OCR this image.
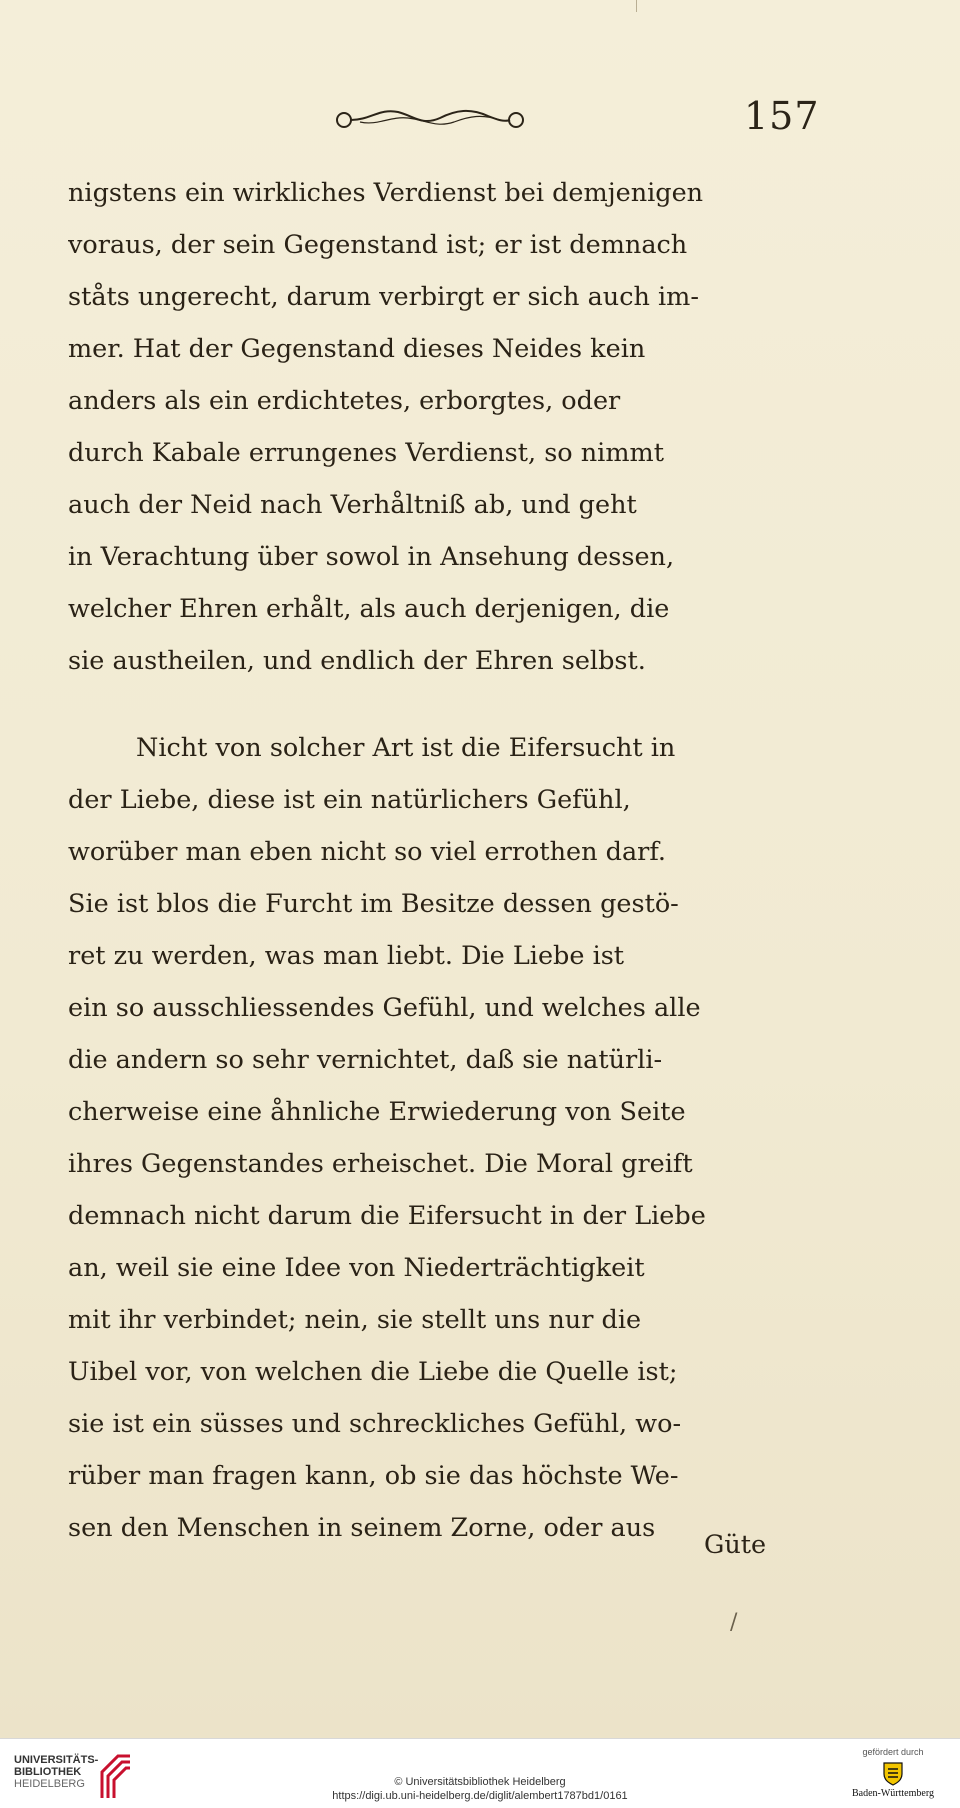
157
nigstens ein wirkliches Verdienst bei demjenigen
voraus, der sein Gegenstand ist; er ist demnach
ståts ungerecht, darum verbirgt er sich auch im-
mer. Hat der Gegenstand dieses Neides kein
anders als ein erdichtetes, erborgtes, oder
durch Kabale errungenes Verdienst, so nimmt
auch der Neid nach Verhåltniß ab, und geht
in Verachtung über sowol in Ansehung dessen,
welcher Ehren erhålt, als auch derjenigen, die
sie austheilen, und endlich der Ehren selbst.
Nicht von solcher Art ist die Eifersucht in
der Liebe, diese ist ein natürlichers Gefühl,
worüber man eben nicht so viel errothen darf.
Sie ist blos die Furcht im Besitze dessen gestö-
ret zu werden, was man liebt. Die Liebe ist
ein so ausschliessendes Gefühl, und welches alle
die andern so sehr vernichtet, daß sie natürli-
cherweise eine åhnliche Erwiederung von Seite
ihres Gegenstandes erheischet. Die Moral greift
demnach nicht darum die Eifersucht in der Liebe
an, weil sie eine Idee von Niederträchtigkeit
mit ihr verbindet; nein, sie stellt uns nur die
Uibel vor, von welchen die Liebe die Quelle ist;
sie ist ein süsses und schreckliches Gefühl, wo-
rüber man fragen kann, ob sie das höchste We-
sen den Menschen in seinem Zorne, oder aus
Güte
/
UNIVERSITÄTS-
BIBLIOTHEK
HEIDELBERG	© Universitätsbibliothek Heidelberg
https://digi.ub.uni-heidelberg.de/diglit/alembert1787bd1/0161
gefördert durch
Baden-Württemberg
